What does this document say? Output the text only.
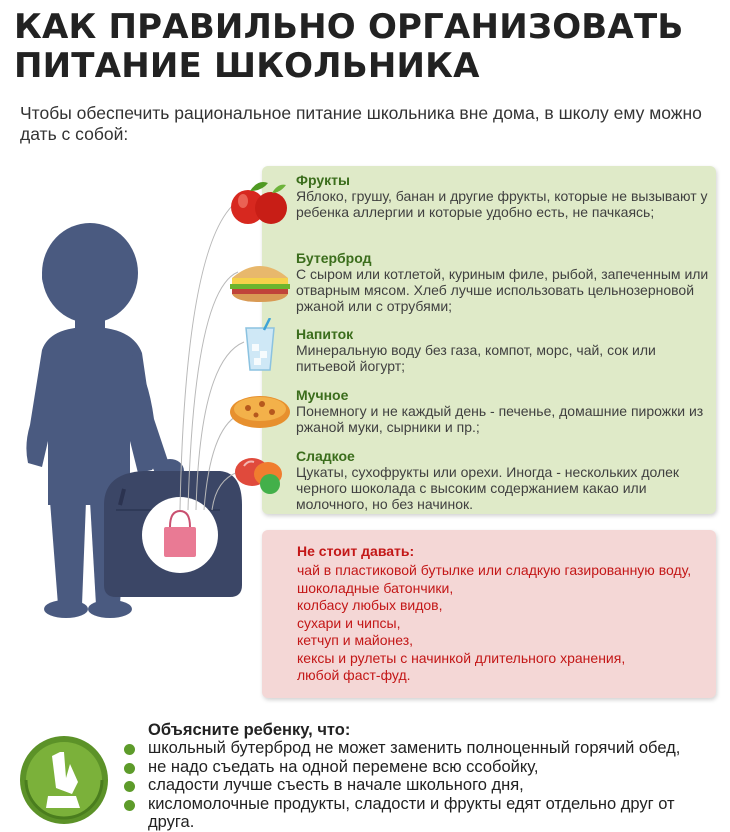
КАК ПРАВИЛЬНО ОРГАНИЗОВАТЬ
ПИТАНИЕ ШКОЛЬНИКА
Чтобы обеспечить рациональное питание школьника вне дома, в школу ему можно дать с собой:
Фрукты
Яблоко, грушу, банан и другие фрукты, которые не вызывают у ребенка аллергии и которые удобно есть, не пачкаясь;
Бутерброд
С сыром или котлетой, куриным филе, рыбой, запеченным или отварным мясом. Хлеб лучше использовать цельнозерновой ржаной или с отрубями;
Напиток
Минеральную воду без газа, компот, морс, чай, сок или питьевой йогурт;
Мучное
Понемногу и не каждый день - печенье, домашние пирожки из ржаной муки, сырники и пр.;
Сладкое
Цукаты, сухофрукты или орехи. Иногда - нескольких долек черного шоколада с высоким содержанием какао или молочного, но без начинок.
Не стоит давать:
чай в пластиковой бутылке или сладкую газированную воду,
шоколадные батончики,
колбасу любых видов,
сухари и чипсы,
кетчуп и майонез,
кексы и рулеты с начинкой длительного хранения,
любой фаст-фуд.
Объясните ребенку, что:
школьный бутерброд не может заменить полноценный горячий обед,
не надо съедать на одной перемене всю ссобойку,
сладости лучше съесть в начале школьного дня,
кисломолочные продукты, сладости и фрукты едят отдельно друг от друга.
